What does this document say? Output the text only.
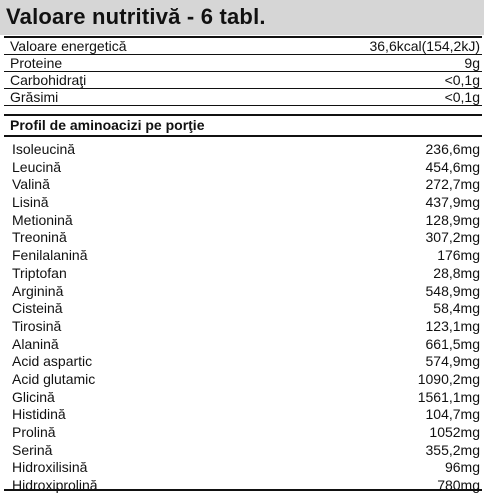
Valoare nutritivă - 6 tabl.
Valoare energetică	36,6kcal(154,2kJ)
Proteine	9g
Carbohidraţi	<0,1g
Grăsimi	<0,1g
Profil de aminoacizi pe porţie
Isoleucină	236,6mg
Leucină	454,6mg
Valină	272,7mg
Lisină	437,9mg
Metionină	128,9mg
Treonină	307,2mg
Fenilalanină	176mg
Triptofan	28,8mg
Arginină	548,9mg
Cisteină	58,4mg
Tirosină	123,1mg
Alanină	661,5mg
Acid aspartic	574,9mg
Acid glutamic	1090,2mg
Glicină	1561,1mg
Histidină	104,7mg
Prolină	1052mg
Serină	355,2mg
Hidroxilisină	96mg
Hidroxiprolină	780mg
